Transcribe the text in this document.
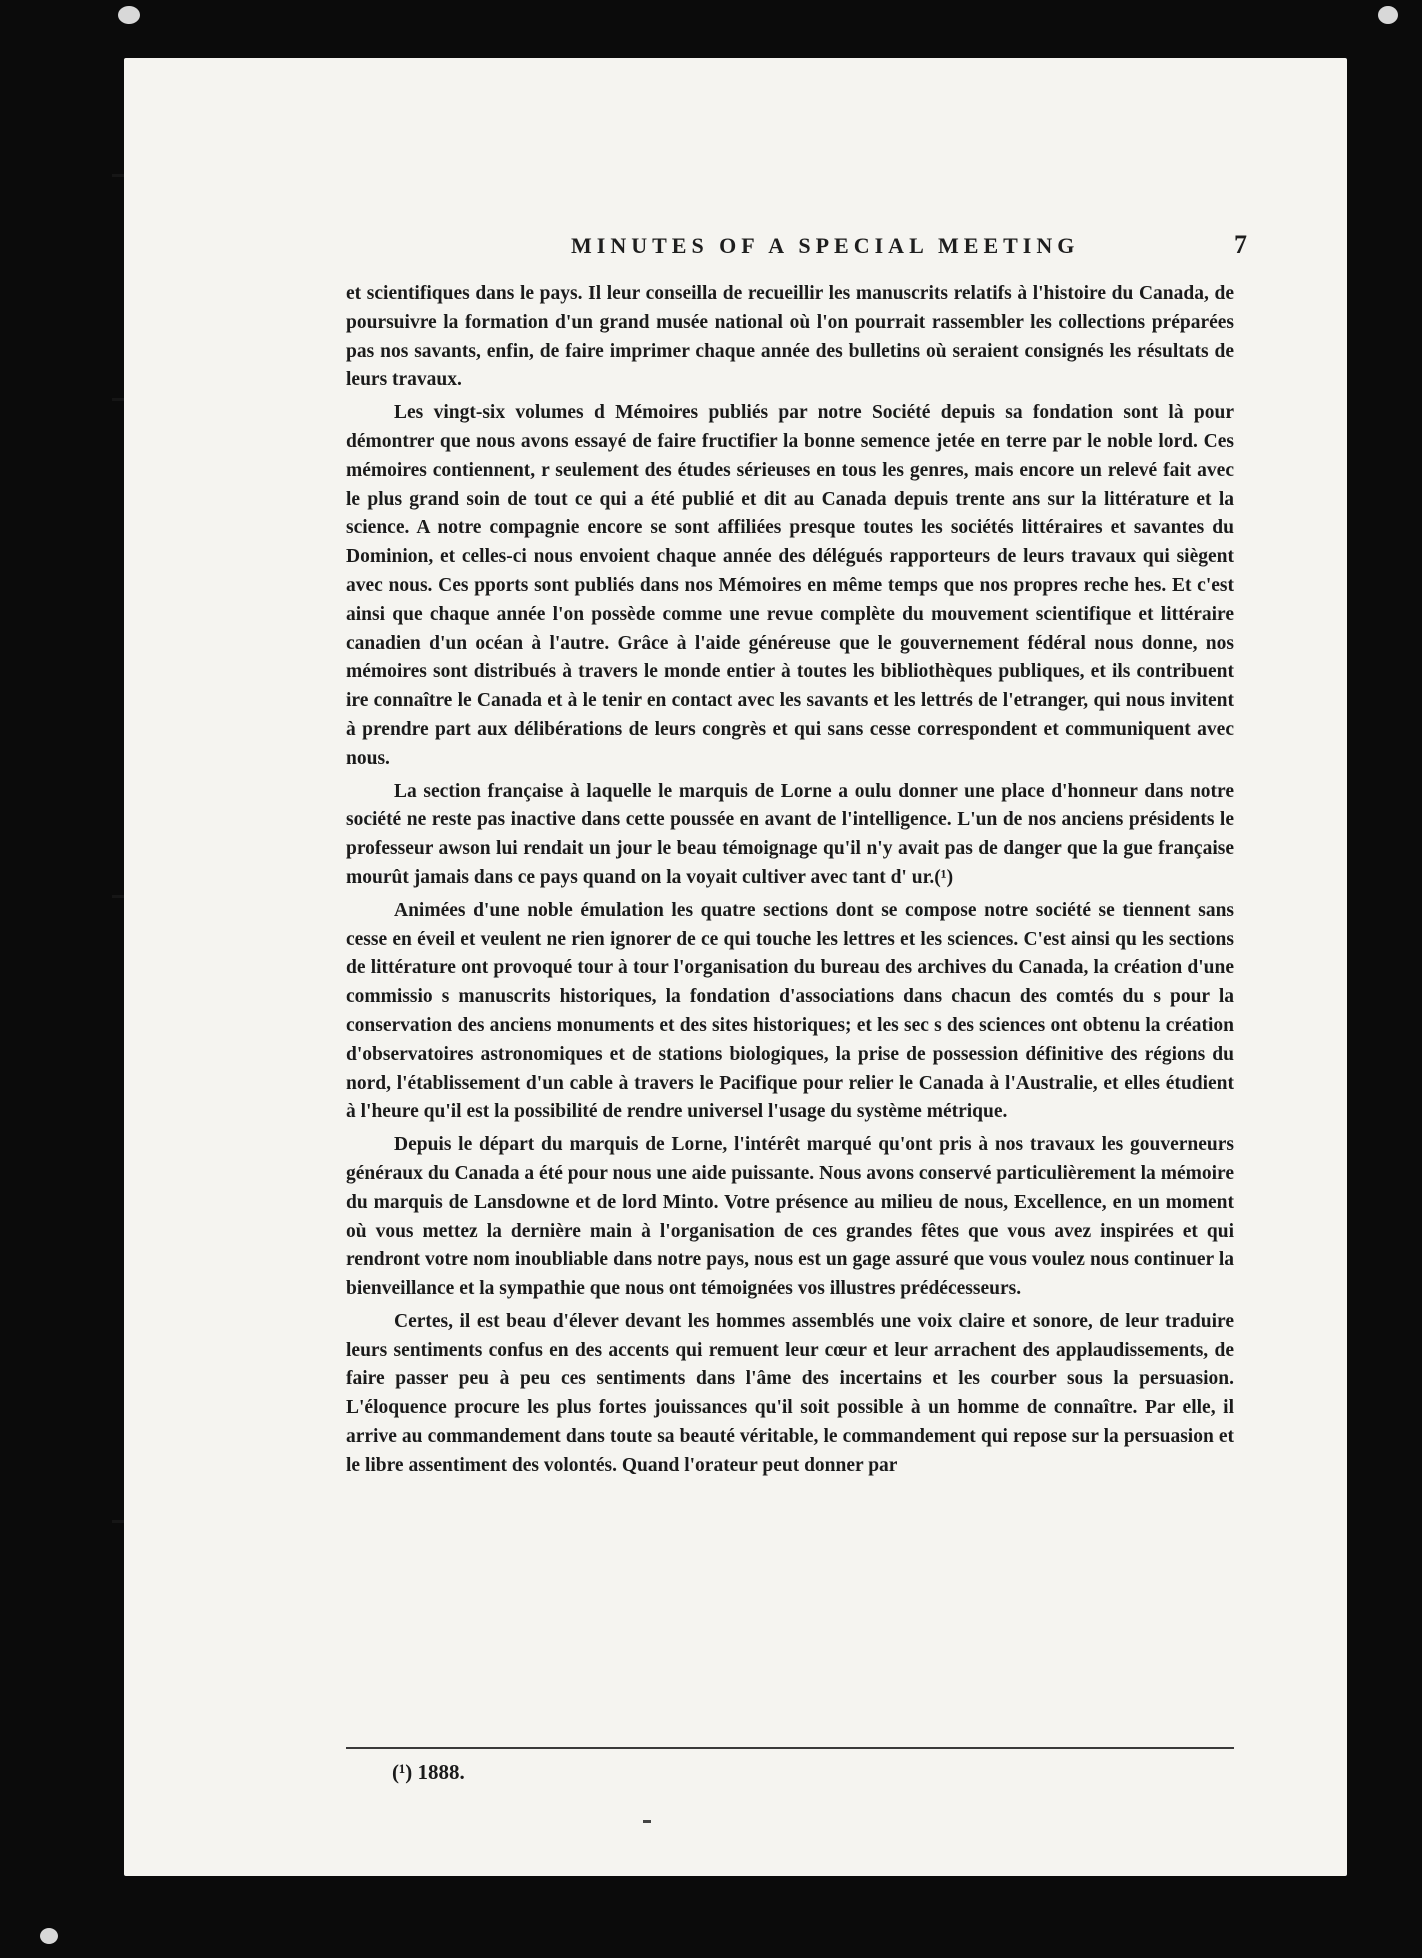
MINUTES OF A SPECIAL MEETING	7

et scientifiques dans le pays. Il leur conseilla de recueillir les manuscrits relatifs à l'histoire du Canada, de poursuivre la formation d'un grand musée national où l'on pourrait rassembler les collections préparées pas nos savants, enfin, de faire imprimer chaque année des bulletins où seraient consignés les résultats de leurs travaux.

Les vingt-six volumes d Mémoires publiés par notre Société depuis sa fondation sont là pour démontrer que nous avons essayé de faire fructifier la bonne semence jetée en terre par le noble lord. Ces mémoires contiennent, r seulement des études sérieuses en tous les genres, mais encore un relevé fait avec le plus grand soin de tout ce qui a été publié et dit au Canada depuis trente ans sur la littérature et la science. A notre compagnie encore se sont affiliées presque toutes les sociétés littéraires et savantes du Dominion, et celles-ci nous envoient chaque année des délégués rapporteurs de leurs travaux qui siègent avec nous. Ces pports sont publiés dans nos Mémoires en même temps que nos propres reche hes. Et c'est ainsi que chaque année l'on possède comme une revue complète du mouvement scientifique et littéraire canadien d'un océan à l'autre. Grâce à l'aide généreuse que le gouvernement fédéral nous donne, nos mémoires sont distribués à travers le monde entier à toutes les bibliothèques publiques, et ils contribuent ire connaître le Canada et à le tenir en contact avec les savants et les lettrés de l'etranger, qui nous invitent à prendre part aux délibérations de leurs congrès et qui sans cesse correspondent et communiquent avec nous.

La section française à laquelle le marquis de Lorne a oulu donner une place d'honneur dans notre société ne reste pas inactive dans cette poussée en avant de l'intelligence. L'un de nos anciens présidents le professeur awson lui rendait un jour le beau témoignage qu'il n'y avait pas de danger que la gue française mourût jamais dans ce pays quand on la voyait cultiver avec tant d' ur.(¹)

Animées d'une noble émulation les quatre sections dont se compose notre société se tiennent sans cesse en éveil et veulent ne rien ignorer de ce qui touche les lettres et les sciences. C'est ainsi qu les sections de littérature ont provoqué tour à tour l'organisation du bureau des archives du Canada, la création d'une commissio s manuscrits historiques, la fondation d'associations dans chacun des comtés du s pour la conservation des anciens monuments et des sites historiques; et les sec s des sciences ont obtenu la création d'observatoires astronomiques et de stations biologiques, la prise de possession définitive des régions du nord, l'établissement d'un cable à travers le Pacifique pour relier le Canada à l'Australie, et elles étudient à l'heure qu'il est la possibilité de rendre universel l'usage du système métrique.

Depuis le départ du marquis de Lorne, l'intérêt marqué qu'ont pris à nos travaux les gouverneurs généraux du Canada a été pour nous une aide puissante. Nous avons conservé particulièrement la mémoire du marquis de Lansdowne et de lord Minto. Votre présence au milieu de nous, Excellence, en un moment où vous mettez la dernière main à l'organisation de ces grandes fêtes que vous avez inspirées et qui rendront votre nom inoubliable dans notre pays, nous est un gage assuré que vous voulez nous continuer la bienveillance et la sympathie que nous ont témoignées vos illustres prédécesseurs.

Certes, il est beau d'élever devant les hommes assemblés une voix claire et sonore, de leur traduire leurs sentiments confus en des accents qui remuent leur cœur et leur arrachent des applaudissements, de faire passer peu à peu ces sentiments dans l'âme des incertains et les courber sous la persuasion. L'éloquence procure les plus fortes jouissances qu'il soit possible à un homme de connaître. Par elle, il arrive au commandement dans toute sa beauté véritable, le commandement qui repose sur la persuasion et le libre assentiment des volontés. Quand l'orateur peut donner par

(¹) 1888.
